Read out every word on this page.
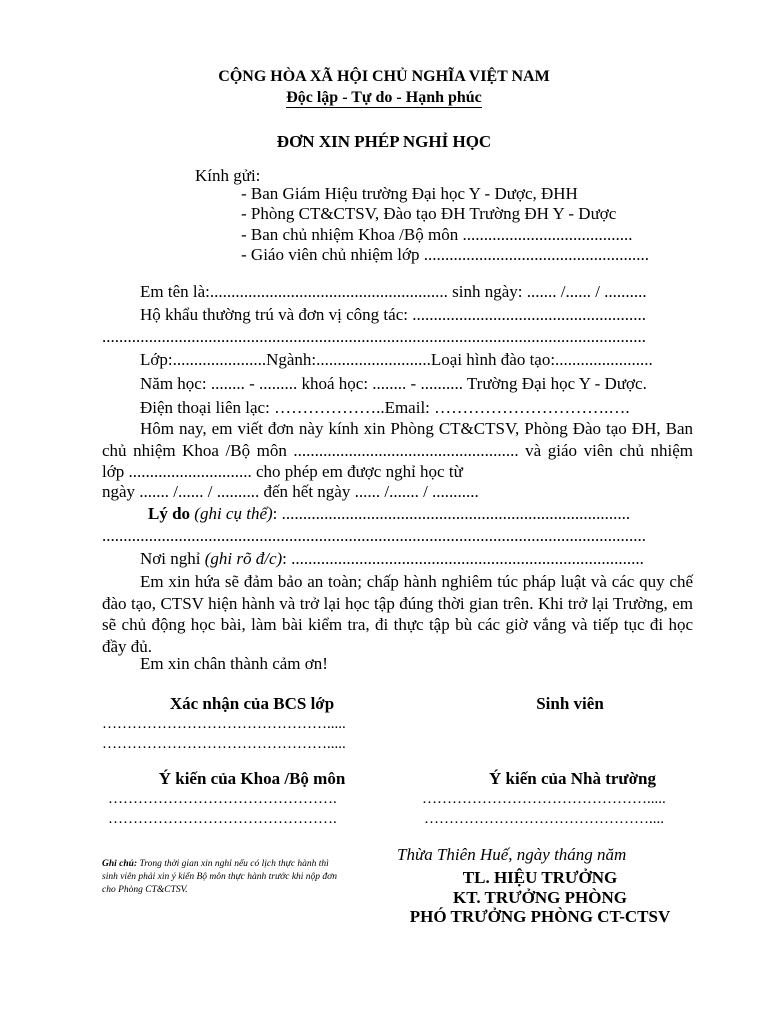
CỘNG HÒA XÃ HỘI CHỦ NGHĨA VIỆT NAM
Độc lập - Tự do - Hạnh phúc
ĐƠN XIN PHÉP NGHỈ HỌC
Kính gửi:
- Ban Giám Hiệu trường Đại học Y - Dược, ĐHH
- Phòng CT&CTSV, Đào tạo ĐH Trường ĐH Y - Dược
- Ban chủ nhiệm Khoa /Bộ môn ........................................
- Giáo viên chủ nhiệm lớp .....................................................
Em tên là:........................................................ sinh ngày: ....... /...... / ..........
Hộ khẩu thường trú và đơn vị công tác: .......................................................
................................................................................................................................
Lớp:......................Ngành:...........................Loại hình đào tạo:.......................
Năm học: ........ - ......... khoá học: ........ - .......... Trường Đại học Y - Dược.
Điện thoại liên lạc: ………………..Email: ………………………….….

Hôm nay, em viết đơn này kính xin Phòng CT&CTSV, Phòng Đào tạo ĐH, Ban chủ nhiệm Khoa /Bộ môn ..................................................... và giáo viên chủ nhiệm lớp ............................. cho phép em được nghỉ học từ

ngày ....... /...... / .......... đến hết ngày ...... /....... / ...........
Lý do (ghi cụ thể): ..................................................................................
................................................................................................................................
Nơi nghỉ (ghi rõ đ/c): ...................................................................................

Em xin hứa sẽ đảm bảo an toàn; chấp hành nghiêm túc pháp luật và các quy chế đào tạo, CTSV hiện hành và trở lại học tập đúng thời gian trên. Khi trở lại Trường, em sẽ chủ động học bài, làm bài kiểm tra, đi thực tập bù các giờ vắng và tiếp tục đi học đầy đủ.

Em xin chân thành cảm ơn!
Xác nhận của BCS lớp	Sinh viên
……………………………………….....
……………………………………….....
Ý kiến của Khoa /Bộ môn	Ý kiến của Nhà trường
……………………………………….
……………………………………….
……………………………………….....
………………………………………....
Ghi chú: Trong thời gian xin nghỉ nếu có lịch thực hành thì sinh viên phải xin ý kiến Bộ môn thực hành trước khi nộp đơn cho Phòng CT&CTSV.
Thừa Thiên Huế, ngày tháng năm
TL. HIỆU TRƯỞNG
KT. TRƯỞNG PHÒNG
PHÓ TRƯỞNG PHÒNG CT-CTSV
